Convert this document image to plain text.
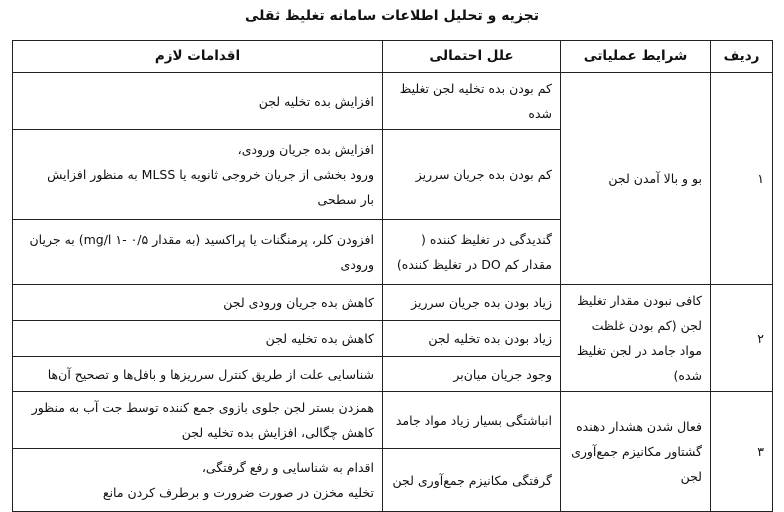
تجزیه و تحلیل اطلاعات سامانه تغلیظ ثقلی
ردیف	شرایط عملیاتی	علل احتمالی	اقدامات لازم
۱	بو و بالا آمدن لجن	کم بودن بده تخلیه لجن تغلیظ شده	افزایش بده تخلیه لجن

		کم بودن بده جریان سرریز	افزایش بده جریان ورودی،
ورود بخشی از جریان خروجی ثانویه یا MLSS به منظور افزایش
بار سطحی

		گندیدگی در تغلیظ کننده ( مقدار کم DO در تغلیظ کننده)	افزودن کلر، پرمنگنات یا پراکسید (به مقدار mg/l ۱- ۰/۵) به جریان ورودی
۲	کافی نبودن مقدار تغلیظ لجن (کم بودن غلظت مواد جامد در لجن تغلیظ شده)	زیاد بودن بده جریان سرریز	کاهش بده جریان ورودی لجن

		زیاد بودن بده تخلیه لجن	کاهش بده تخلیه لجن

		وجود جریان میان‌بر	شناسایی علت از طریق کنترل سرریزها و بافل‌ها و تصحیح آن‌ها

۳	فعال شدن هشدار دهنده گشتاور مکانیزم جمع‌آوری لجن	انباشتگی بسیار زیاد مواد جامد	همزدن بستر لجن جلوی بازوی جمع کننده توسط جت آب به منظور کاهش چگالی، افزایش بده تخلیه لجن
		گرفتگی مکانیزم جمع‌آوری لجن	اقدام به شناسایی و رفع گرفتگی،
تخلیه مخزن در صورت ضرورت و برطرف کردن مانع
